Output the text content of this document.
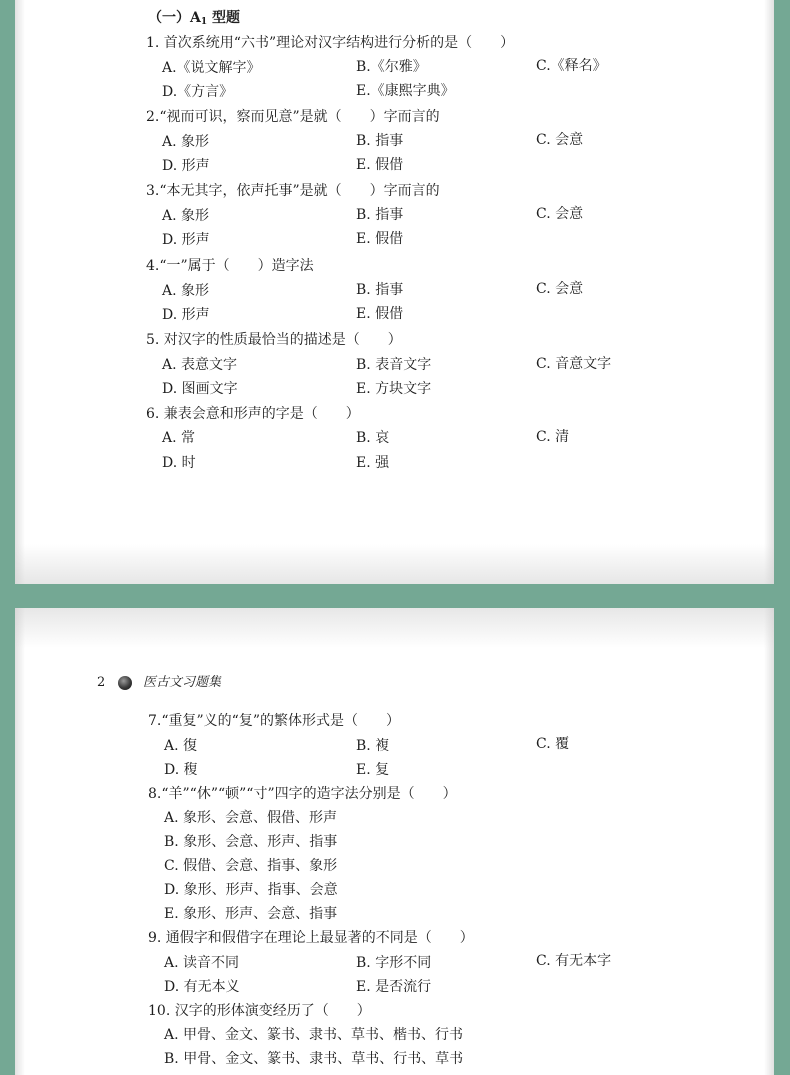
（一）$A_1$ 型题
1. 首次系统用“六书”理论对汉字结构进行分析的是（　　）
A.《说文解字》	B.《尔雅》	C.《释名》
D.《方言》	E.《康熙字典》
2.“视而可识，察而见意”是就（　　）字而言的
A. 象形	B. 指事	C. 会意
D. 形声	E. 假借
3.“本无其字，依声托事”是就（　　）字而言的
A. 象形	B. 指事	C. 会意
D. 形声	E. 假借
4.“一”属于（　　）造字法
A. 象形	B. 指事	C. 会意
D. 形声	E. 假借
5. 对汉字的性质最恰当的描述是（　　）
A. 表意文字	B. 表音文字	C. 音意文字
D. 图画文字	E. 方块文字
6. 兼表会意和形声的字是（　　）
A. 常	B. 哀	C. 清
D. 时	E. 强
2	医古文习题集
7.“重复”义的“复”的繁体形式是（　　）
A. 復	B. 複	C. 覆
D. 稪	E. 复
8.“羊”“休”“顿”“寸”四字的造字法分别是（　　）
A. 象形、会意、假借、形声
B. 象形、会意、形声、指事
C. 假借、会意、指事、象形
D. 象形、形声、指事、会意
E. 象形、形声、会意、指事
9. 通假字和假借字在理论上最显著的不同是（　　）
A. 读音不同	B. 字形不同	C. 有无本字
D. 有无本义	E. 是否流行
10. 汉字的形体演变经历了（　　）
A. 甲骨、金文、篆书、隶书、草书、楷书、行书
B. 甲骨、金文、篆书、隶书、草书、行书、草书
